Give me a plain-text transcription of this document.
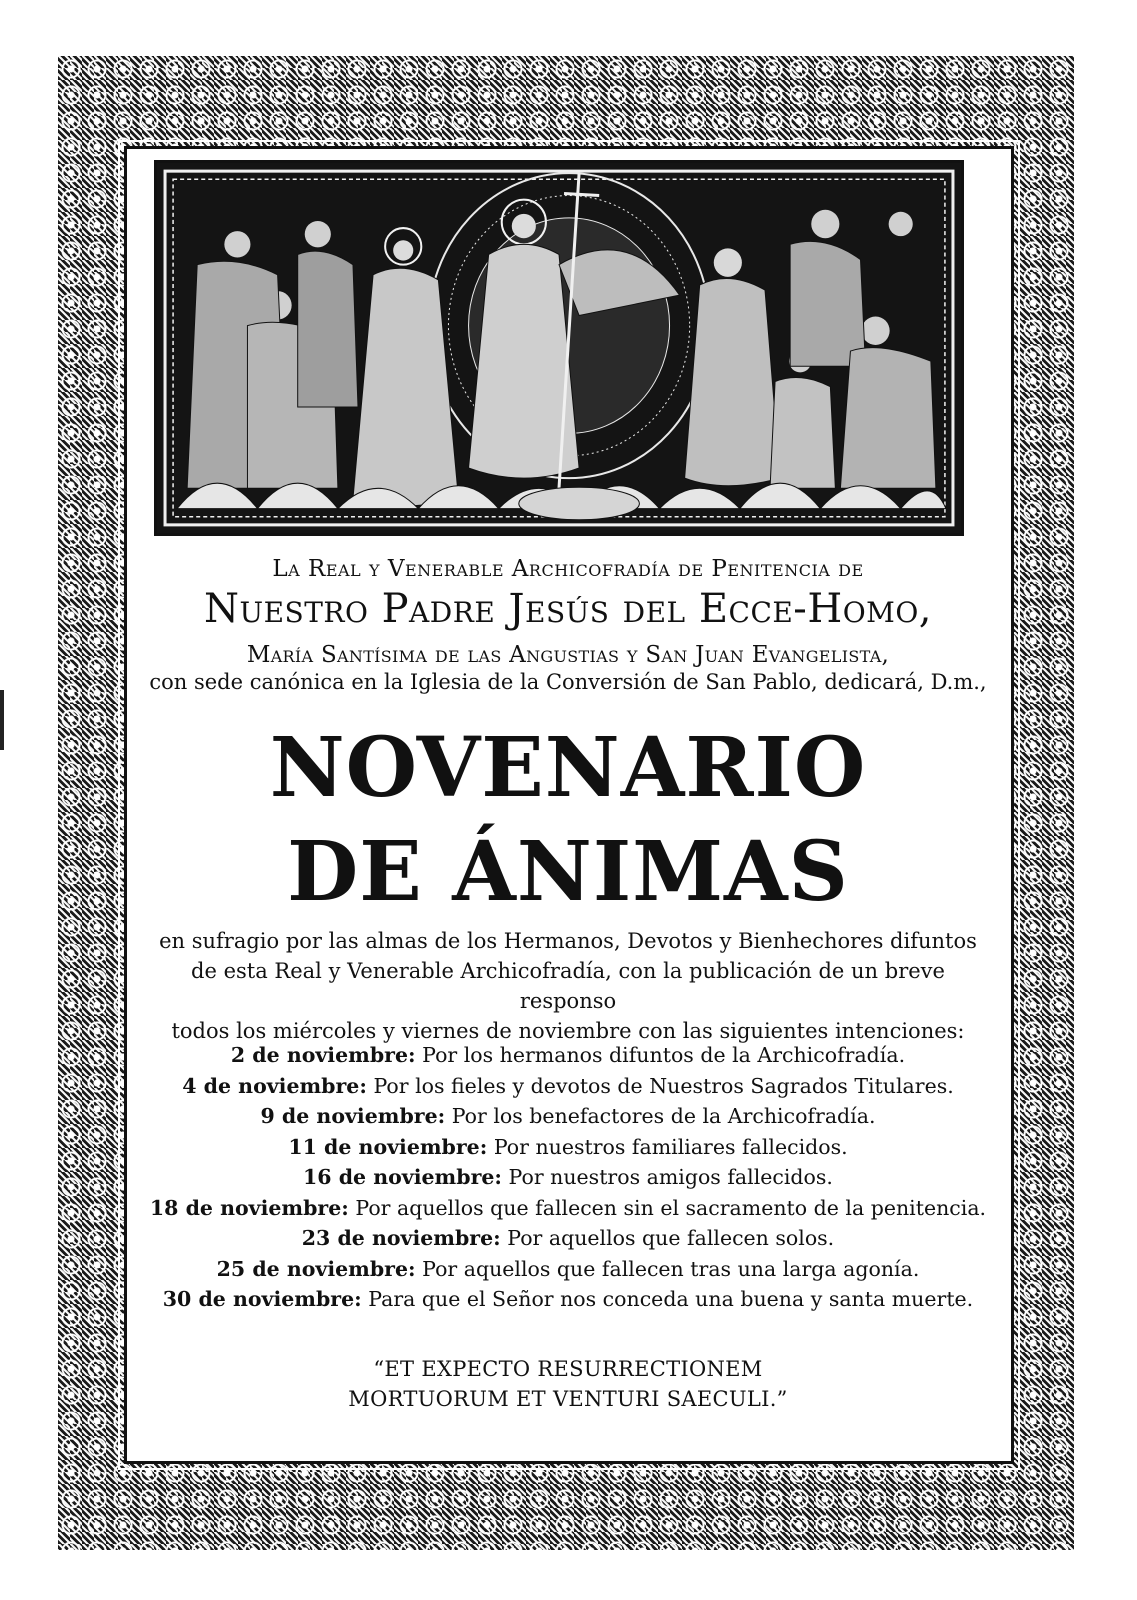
La Real y Venerable Archicofradía de Penitencia de
Nuestro Padre Jesús del Ecce-Homo,
María Santísima de las Angustias y San Juan Evangelista,
con sede canónica en la Iglesia de la Conversión de San Pablo, dedicará, D.m.,
NOVENARIO
DE ÁNIMAS
en sufragio por las almas de los Hermanos, Devotos y Bienhechores difuntos
de esta Real y Venerable Archicofradía, con la publicación de un breve responso
todos los miércoles y viernes de noviembre con las siguientes intenciones:
2 de noviembre: Por los hermanos difuntos de la Archicofradía.
4 de noviembre: Por los fieles y devotos de Nuestros Sagrados Titulares.
9 de noviembre: Por los benefactores de la Archicofradía.
11 de noviembre: Por nuestros familiares fallecidos.
16 de noviembre: Por nuestros amigos fallecidos.
18 de noviembre: Por aquellos que fallecen sin el sacramento de la penitencia.
23 de noviembre: Por aquellos que fallecen solos.
25 de noviembre: Por aquellos que fallecen tras una larga agonía.
30 de noviembre: Para que el Señor nos conceda una buena y santa muerte.
“ET EXPECTO RESURRECTIONEM
MORTUORUM ET VENTURI SAECULI.”
